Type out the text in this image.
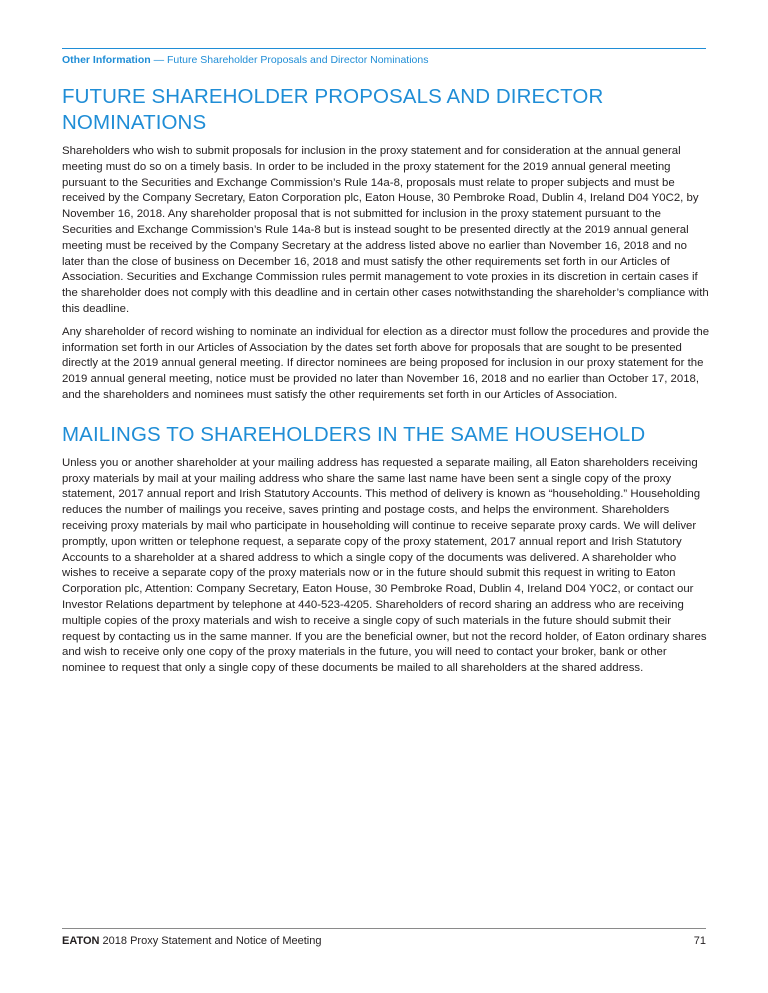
Other Information — Future Shareholder Proposals and Director Nominations
FUTURE SHAREHOLDER PROPOSALS AND DIRECTOR NOMINATIONS

Shareholders who wish to submit proposals for inclusion in the proxy statement and for consideration at the annual general meeting must do so on a timely basis. In order to be included in the proxy statement for the 2019 annual general meeting pursuant to the Securities and Exchange Commission’s Rule 14a-8, proposals must relate to proper subjects and must be received by the Company Secretary, Eaton Corporation plc, Eaton House, 30 Pembroke Road, Dublin 4, Ireland D04 Y0C2, by November 16, 2018. Any shareholder proposal that is not submitted for inclusion in the proxy statement pursuant to the Securities and Exchange Commission’s Rule 14a-8 but is instead sought to be presented directly at the 2019 annual general meeting must be received by the Company Secretary at the address listed above no earlier than November 16, 2018 and no later than the close of business on December 16, 2018 and must satisfy the other requirements set forth in our Articles of Association. Securities and Exchange Commission rules permit management to vote proxies in its discretion in certain cases if the shareholder does not comply with this deadline and in certain other cases notwithstanding the shareholder’s compliance with this deadline.

Any shareholder of record wishing to nominate an individual for election as a director must follow the procedures and provide the information set forth in our Articles of Association by the dates set forth above for proposals that are sought to be presented directly at the 2019 annual general meeting. If director nominees are being proposed for inclusion in our proxy statement for the 2019 annual general meeting, notice must be provided no later than November 16, 2018 and no earlier than October 17, 2018, and the shareholders and nominees must satisfy the other requirements set forth in our Articles of Association.

MAILINGS TO SHAREHOLDERS IN THE SAME HOUSEHOLD

Unless you or another shareholder at your mailing address has requested a separate mailing, all Eaton shareholders receiving proxy materials by mail at your mailing address who share the same last name have been sent a single copy of the proxy statement, 2017 annual report and Irish Statutory Accounts. This method of delivery is known as “householding.” Householding reduces the number of mailings you receive, saves printing and postage costs, and helps the environment. Shareholders receiving proxy materials by mail who participate in householding will continue to receive separate proxy cards. We will deliver promptly, upon written or telephone request, a separate copy of the proxy statement, 2017 annual report and Irish Statutory Accounts to a shareholder at a shared address to which a single copy of the documents was delivered. A shareholder who wishes to receive a separate copy of the proxy materials now or in the future should submit this request in writing to Eaton Corporation plc, Attention: Company Secretary, Eaton House, 30 Pembroke Road, Dublin 4, Ireland D04 Y0C2, or contact our Investor Relations department by telephone at 440-523-4205. Shareholders of record sharing an address who are receiving multiple copies of the proxy materials and wish to receive a single copy of such materials in the future should submit their request by contacting us in the same manner. If you are the beneficial owner, but not the record holder, of Eaton ordinary shares and wish to receive only one copy of the proxy materials in the future, you will need to contact your broker, bank or other nominee to request that only a single copy of these documents be mailed to all shareholders at the shared address.

EATON 2018 Proxy Statement and Notice of Meeting	71
